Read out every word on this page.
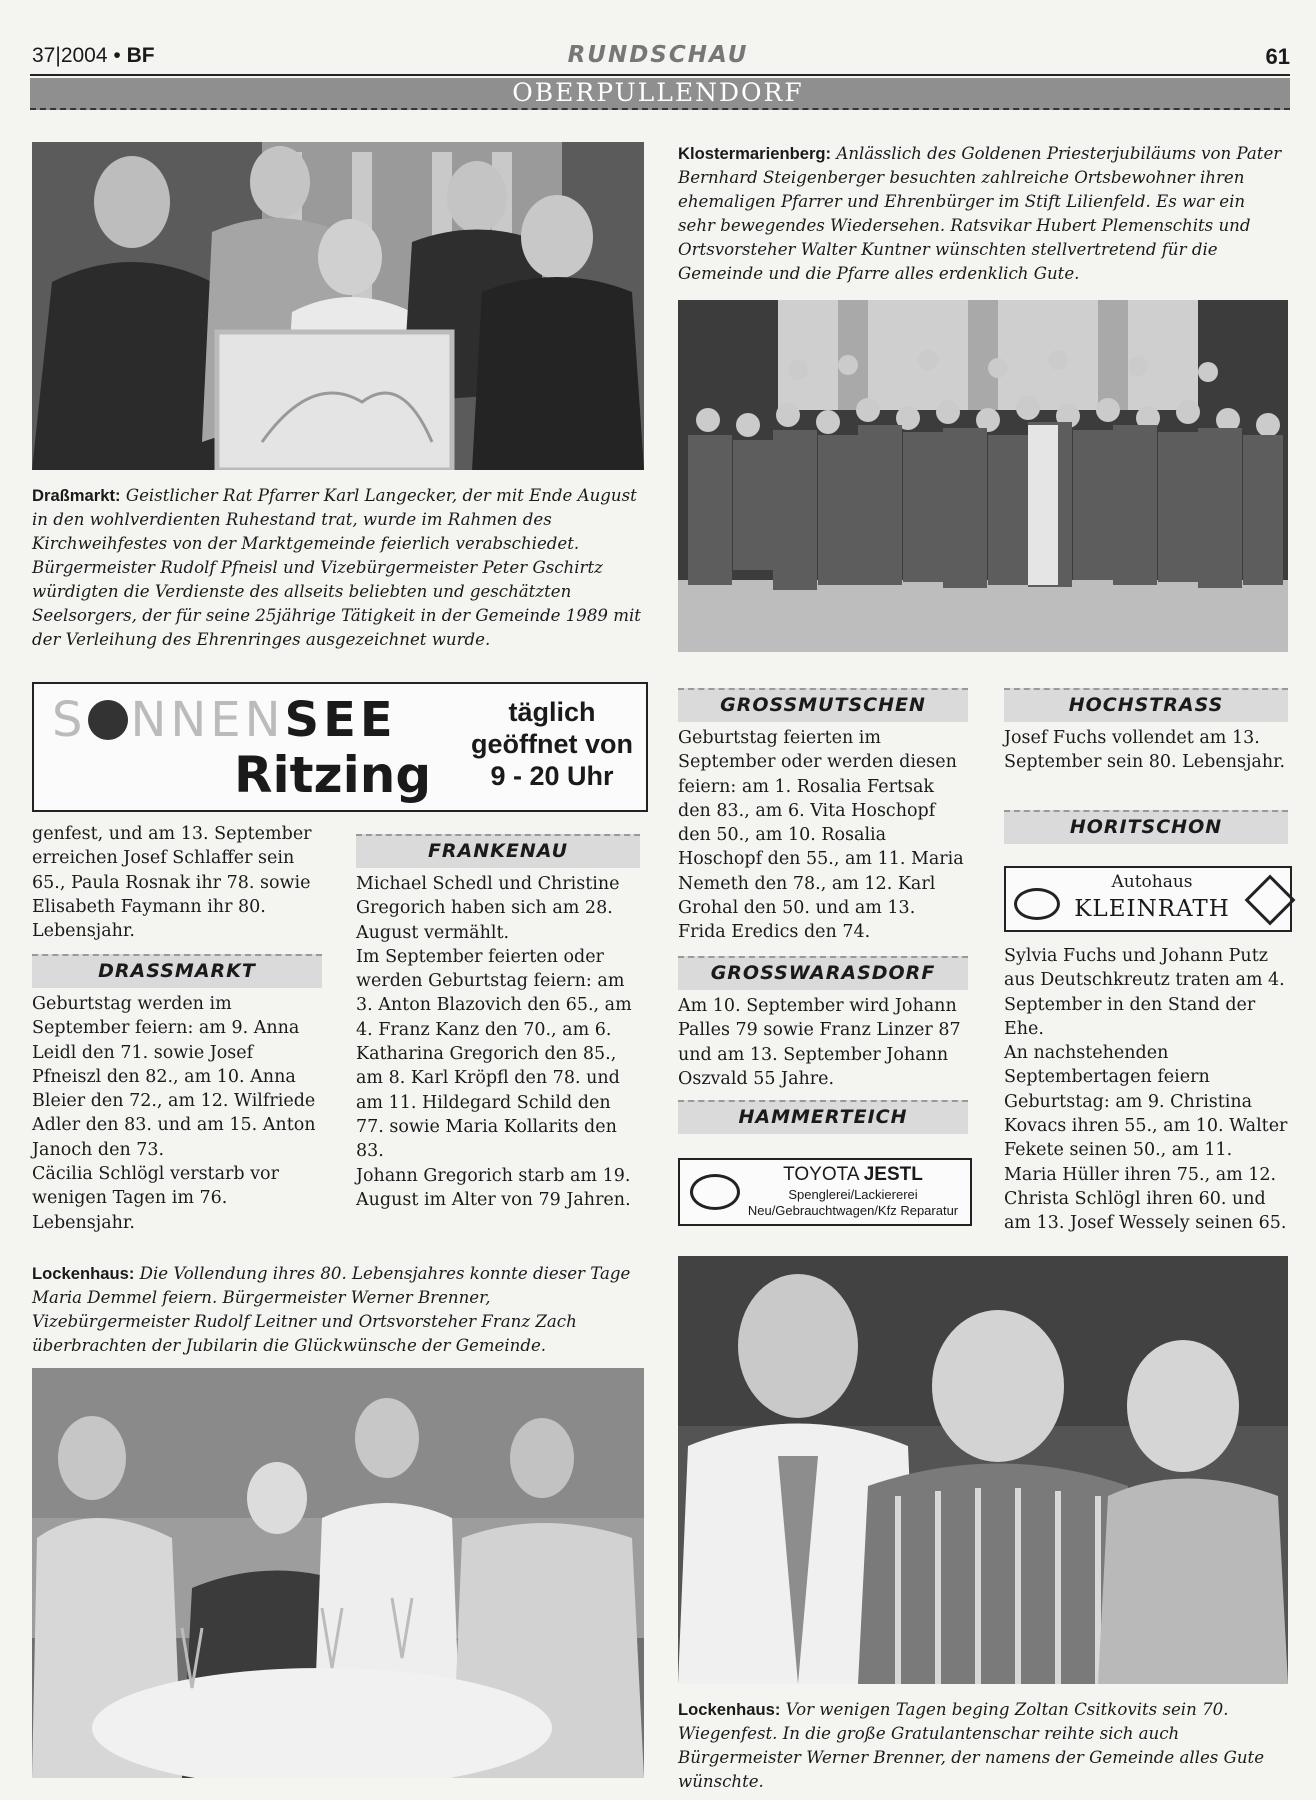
37|2004 • BF	RUNDSCHAU	61
OBERPULLENDORF
Draßmarkt: Geistlicher Rat Pfarrer Karl Langecker, der mit Ende August in den wohlverdienten Ruhestand trat, wurde im Rahmen des Kirchweihfestes von der Marktgemeinde feierlich verabschiedet. Bürgermeister Rudolf Pfneisl und Vizebürgermeister Peter Gschirtz würdigten die Verdienste des allseits beliebten und geschätzten Seelsorgers, der für seine 25jährige Tätigkeit in der Gemeinde 1989 mit der Verleihung des Ehrenringes ausgezeichnet wurde.
Klostermarienberg: Anlässlich des Goldenen Priesterjubiläums von Pater Bernhard Steigenberger besuchten zahlreiche Ortsbewohner ihren ehemaligen Pfarrer und Ehrenbürger im Stift Lilienfeld. Es war ein sehr bewegendes Wiedersehen. Ratsvikar Hubert Plemenschits und Ortsvorsteher Walter Kuntner wünschten stellvertretend für die Gemeinde und die Pfarre alles erdenklich Gute.
S NNENSEE
Ritzing
täglich
geöffnet von
9 - 20 Uhr
genfest, und am 13. September erreichen Josef Schlaffer sein 65., Paula Rosnak ihr 78. sowie Elisabeth Faymann ihr 80. Lebensjahr.
DRASSMARKT
Geburtstag werden im September feiern: am 9. Anna Leidl den 71. sowie Josef Pfneiszl den 82., am 10. Anna Bleier den 72., am 12. Wilfriede Adler den 83. und am 15. Anton Janoch den 73.
Cäcilia Schlögl verstarb vor wenigen Tagen im 76. Lebensjahr.
FRANKENAU
Michael Schedl und Christine Gregorich haben sich am 28. August vermählt.
Im September feierten oder werden Geburtstag feiern: am 3. Anton Blazovich den 65., am 4. Franz Kanz den 70., am 6. Katharina Gregorich den 85., am 8. Karl Kröpfl den 78. und am 11. Hildegard Schild den 77. sowie Maria Kollarits den 83.
Johann Gregorich starb am 19. August im Alter von 79 Jahren.
GROSSMUTSCHEN
Geburtstag feierten im September oder werden diesen feiern: am 1. Rosalia Fertsak den 83., am 6. Vita Hoschopf den 50., am 10. Rosalia Hoschopf den 55., am 11. Maria Nemeth den 78., am 12. Karl Grohal den 50. und am 13. Frida Eredics den 74.
GROSSWARASDORF
Am 10. September wird Johann Palles 79 sowie Franz Linzer 87 und am 13. September Johann Oszvald 55 Jahre.
HAMMERTEICH
TOYOTA JESTL
Spenglerei/Lackiererei
Neu/Gebrauchtwagen/Kfz Reparatur
HOCHSTRASS
Josef Fuchs vollendet am 13. September sein 80. Lebensjahr.
HORITSCHON
Autohaus
KLEINRATH
Sylvia Fuchs und Johann Putz aus Deutschkreutz traten am 4. September in den Stand der Ehe.
An nachstehenden Septembertagen feiern Geburtstag: am 9. Christina Kovacs ihren 55., am 10. Walter Fekete seinen 50., am 11. Maria Hüller ihren 75., am 12. Christa Schlögl ihren 60. und am 13. Josef Wessely seinen 65.
Lockenhaus: Die Vollendung ihres 80. Lebensjahres konnte dieser Tage Maria Demmel feiern. Bürgermeister Werner Brenner, Vizebürgermeister Rudolf Leitner und Ortsvorsteher Franz Zach überbrachten der Jubilarin die Glückwünsche der Gemeinde.
Lockenhaus: Vor wenigen Tagen beging Zoltan Csitkovits sein 70. Wiegenfest. In die große Gratulantenschar reihte sich auch Bürgermeister Werner Brenner, der namens der Gemeinde alles Gute wünschte.
